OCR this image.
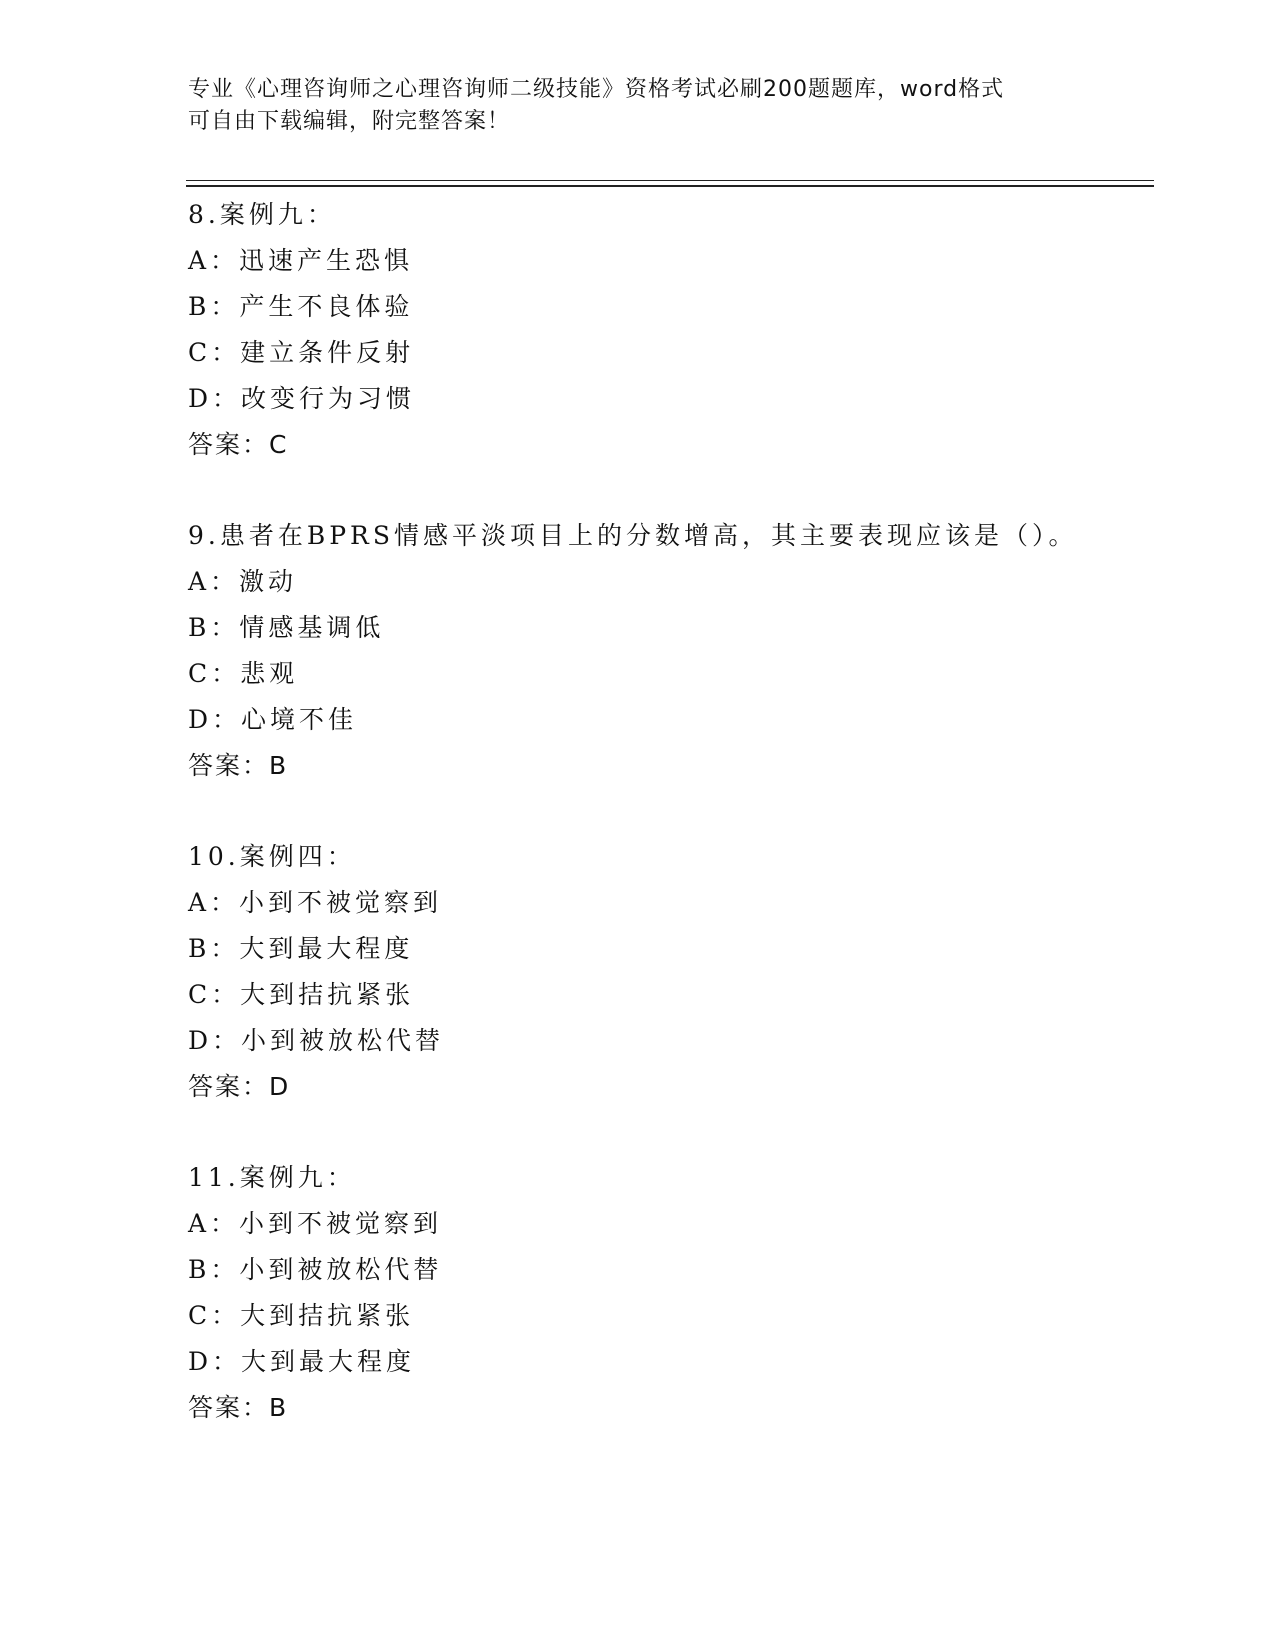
专业《心理咨询师之心理咨询师二级技能》资格考试必刷200题题库，word格式
可自由下载编辑，附完整答案！
8.案例九：
A：迅速产生恐惧
B：产生不良体验
C：建立条件反射
D：改变行为习惯
答案：C
9.患者在BPRS情感平淡项目上的分数增高，其主要表现应该是（）。
A：激动
B：情感基调低
C：悲观
D：心境不佳
答案：B
10.案例四：
A：小到不被觉察到
B：大到最大程度
C：大到拮抗紧张
D：小到被放松代替
答案：D
11.案例九：
A：小到不被觉察到
B：小到被放松代替
C：大到拮抗紧张
D：大到最大程度
答案：B
